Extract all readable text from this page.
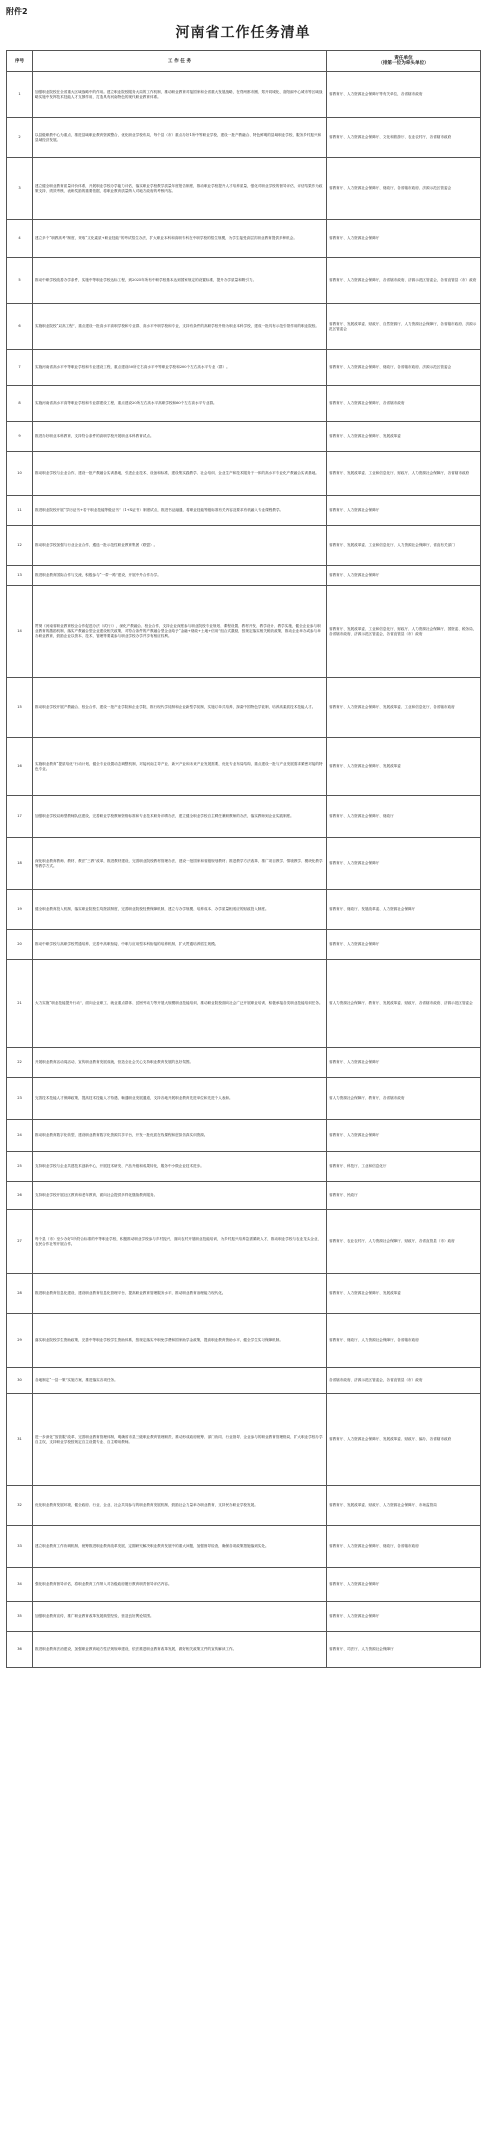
附件2
河南省工作任务清单
序号	工 作 任 务	责任单位
（排第一位为牵头单位）
1	加强职业院校在全省重大区域战略中的作用。建立职业院校服务大局的工作机制，推动职业教育对接国家和全省重大发展战略，在郑州都市圈、郑开同城化、洛阳副中心城市等区域战略实施中发挥技术技能人才支撑作用，打造具有河南特色的现代职业教育体系。	省教育厅、人力资源社会保障厅等有关单位，各省辖市政府
2	以县级职教中心为重点，推进县域职业教育资源整合，优化职业学校布局，每个县（市）重点办好1所中等职业学校，建设一批产教融合、特色鲜明的县域职业学校，服务乡村振兴和县域经济发展。	省教育厅、人力资源社会保障厅、文化和旅游厅、农业农村厅，各省辖市政府
3	建立健全职业教育质量评价体系，开展职业学校办学能力评估，落实职业学校教学质量年度报告制度，推动职业学校提升人才培养质量，强化对职业学校的督导评估，评估结果作为政策支持、绩效考核、表彰奖励的重要依据，将职业教育质量纳入对地方政府的考核内容。	省教育厅、人力资源社会保障厅、财政厅，各省辖市政府、济源示范区管委会
4	建立多个“职教高考”制度，采取“文化素质+职业技能”的考试招生办法，扩大职业本科和高职专科在中职学校的招生规模，为学生接受高层次职业教育提供多种机会。	省教育厅、人力资源社会保障厅
5	推动中职学校改善办学条件，实施中等职业学校达标工程，到2025年所有中职学校基本达到国家规定的设置标准，提升办学质量和吸引力。	省教育厅、人力资源社会保障厅，各省辖市政府、济源示范区管委会，各省直管县（市）政府
6	实施职业院校“双高工程”，重点建设一批高水平高职学校和专业群、高水平中职学校和专业，支持有条件的高职学校升格为职业本科学校，建成一批具有示范引领作用的职业院校。	省教育厅、发展改革委、财政厅、自然资源厅、人力资源社会保障厅，各省辖市政府、济源示范区管委会
7	实施河南省高水平中等职业学校和专业建设工程，重点建设50所左右高水平中等职业学校和200个左右高水平专业（群）。	省教育厅、人力资源社会保障厅、财政厅，各省辖市政府、济源示范区管委会
8	实施河南省高水平高等职业学校和专业群建设工程，重点建设20所左右高水平高职学校和60个左右高水平专业群。	省教育厅、人力资源社会保障厅，各省辖市政府
9	推进办好职业本科教育，支持符合条件的高职学校开展职业本科教育试点。	省教育厅、人力资源社会保障厅、发展改革委
10	推动职业学校与企业合作，建设一批产教融合实训基地，引进企业技术、设备和标准，建设集实践教学、社会培训、企业生产和技术服务于一体的高水平专业化产教融合实训基地。	省教育厅、发展改革委、工业和信息化厅、财政厅、人力资源社会保障厅，各省辖市政府
11	推进职业院校开展“学历证书+若干职业技能等级证书”（1+X证书）制度试点，推进书证融通，将职业技能等级标准有关内容及要求有机融入专业课程教学。	省教育厅、人力资源社会保障厅
12	推动职业学校加强与行业企业合作，遴选一批示范性职业教育集团（联盟）。	省教育厅、发展改革委、工业和信息化厅、人力资源社会保障厅，省直有关部门
13	推进职业教育国际合作与交流，积极参与“一带一路”建设，开展中外合作办学。	省教育厅、人力资源社会保障厅
14	贯彻《河南省职业教育校企合作促进办法（试行）》，深化产教融合、校企合作，支持企业深度参与职业院校专业规划、课程设置、教材开发、教学设计、教学实施，健全企业参与职业教育的激励机制，落实产教融合型企业建设相关政策，对符合条件的产教融合型企业给予“金融+财政+土地+信用”组合式激励，按规定落实相关税收政策，推动企业举办或参与举办职业教育，鼓励企业以资本、技术、管理等要素参与职业学校办学并享有相应权利。	省教育厅、发展改革委、工业和信息化厅、财政厅、人力资源社会保障厅、国资委、税务局，各省辖市政府、济源示范区管委会，各省直管县（市）政府
15	推动职业学校开展产教融合、校企合作，建设一批产业学院和企业学院，推行现代学徒制和企业新型学徒制，实施订单式培养，探索中国特色学徒制，培养高素质技术技能人才。	省教育厅、人力资源社会保障厅、发展改革委、工业和信息化厅，各省辖市政府
16	实施职业教育“提质培优”行动计划，健全专业设置动态调整机制，对接河南主导产业、新兴产业和未来产业发展需要，优化专业布局结构，重点建设一批与产业发展需求紧密对接的特色专业。	省教育厅、人力资源社会保障厅、发展改革委
17	加强职业学校双师型教师队伍建设，完善职业学校教师资格标准和专业技术职务评聘办法，建立健全职业学校自主聘任兼职教师的办法，落实教师到企业实践制度。	省教育厅、人力资源社会保障厅、财政厅
18	深化职业教育教师、教材、教法“三教”改革，推进教材建设，完善职业院校教材管理办法，建设一批国家和省级规划教材；推进教学方法改革，推广项目教学、情境教学、模块化教学等教学方式。	省教育厅、人力资源社会保障厅
19	健全职业教育投入机制，落实职业院校生均拨款制度，完善职业院校经费保障机制，建立与办学规模、培养成本、办学质量相适应的财政投入制度。	省教育厅、财政厅、发展改革委、人力资源社会保障厅
20	推动中职学校与高职学校贯通培养，完善中高职衔接、中职与应用型本科衔接的培养机制，扩大贯通培养招生规模。	省教育厅、人力资源社会保障厅
21	大力实施“职业技能提升行动”，面向企业职工、就业重点群体、贫困劳动力等开展大规模职业技能培训，推动职业院校面向社会广泛开展职业培训，积极承接各类职业技能培训任务。	省人力资源社会保障厅、教育厅、发展改革委、财政厅，各省辖市政府、济源示范区管委会
22	开展职业教育活动周活动，宣传职业教育发展成就，营造全社会关心支持职业教育发展的良好氛围。	省教育厅、人力资源社会保障厅
23	完善技术技能人才保障政策，提高技术技能人才待遇，畅通职业发展通道，支持各地开展职业教育先进单位和先进个人表彰。	省人力资源社会保障厅、教育厅，各省辖市政府
24	推动职业教育数字化转型，建设职业教育数字化资源共享平台，开发一批优质在线课程和虚拟仿真实训资源。	省教育厅、人力资源社会保障厅
25	支持职业学校与企业共建技术创新中心，开展技术研发、产品升级和成果转化，服务中小微企业技术进步。	省教育厅、科技厅、工业和信息化厅
26	支持职业学校开展社区教育和老年教育，面向社会提供多样化继续教育服务。	省教育厅、民政厅
27	每个县（市）至少办好1所符合标准的中等职业学校，积极推动职业学校参与乡村振兴，面向农村开展职业技能培训，为乡村振兴培养急需紧缺人才，推动职业学校与农业龙头企业、农民合作社等开展合作。	省教育厅、农业农村厅、人力资源社会保障厅、财政厅，各省直管县（市）政府
28	推进职业教育信息化建设，建设职业教育信息化管理平台，提高职业教育管理服务水平，推动职业教育治理能力现代化。	省教育厅、人力资源社会保障厅、发展改革委
29	落实职业院校学生资助政策，完善中等职业学校学生资助体系，按规定落实中职免学费和国家助学金政策，提高职业教育资助水平，健全学生实习保障机制。	省教育厅、财政厅、人力资源社会保障厅，各省辖市政府
30	各地制定“一县一策”实施方案，推进落实各项任务。	各省辖市政府、济源示范区管委会，各省直管县（市）政府
31	进一步深化“放管服”改革，完善职业教育管理体制，明确省市县三级职业教育管理职责，推动形成政府统筹、部门协同、行业指导、企业参与的职业教育管理格局，扩大职业学校办学自主权，支持职业学校按规定自主设置专业、自主聘用教师。	省教育厅、人力资源社会保障厅、发展改革委、财政厅、编办，各省辖市政府
32	优化职业教育发展环境，健全政府、行业、企业、社会共同参与的职业教育发展机制，鼓励社会力量举办职业教育，支持民办职业学校发展。	省教育厅、发展改革委、财政厅、人力资源社会保障厅、市场监管局
33	建立职业教育工作协调机制，统筹推进职业教育改革发展，定期研究解决职业教育发展中的重大问题，加强督导检查，确保各项政策措施落到实处。	省教育厅、人力资源社会保障厅、财政厅，各省辖市政府
34	强化职业教育督导评估，将职业教育工作纳入对各级政府履行教育职责督导评估内容。	省教育厅、人力资源社会保障厅
35	加强职业教育宣传，推广职业教育改革发展典型经验，营造良好舆论氛围。	省教育厅、人力资源社会保障厅
36	推进职业教育法治建设，加强职业教育地方性法规规章建设，依法推进职业教育改革发展，做好相关政策文件的宣传解读工作。	省教育厅、司法厅、人力资源社会保障厅
